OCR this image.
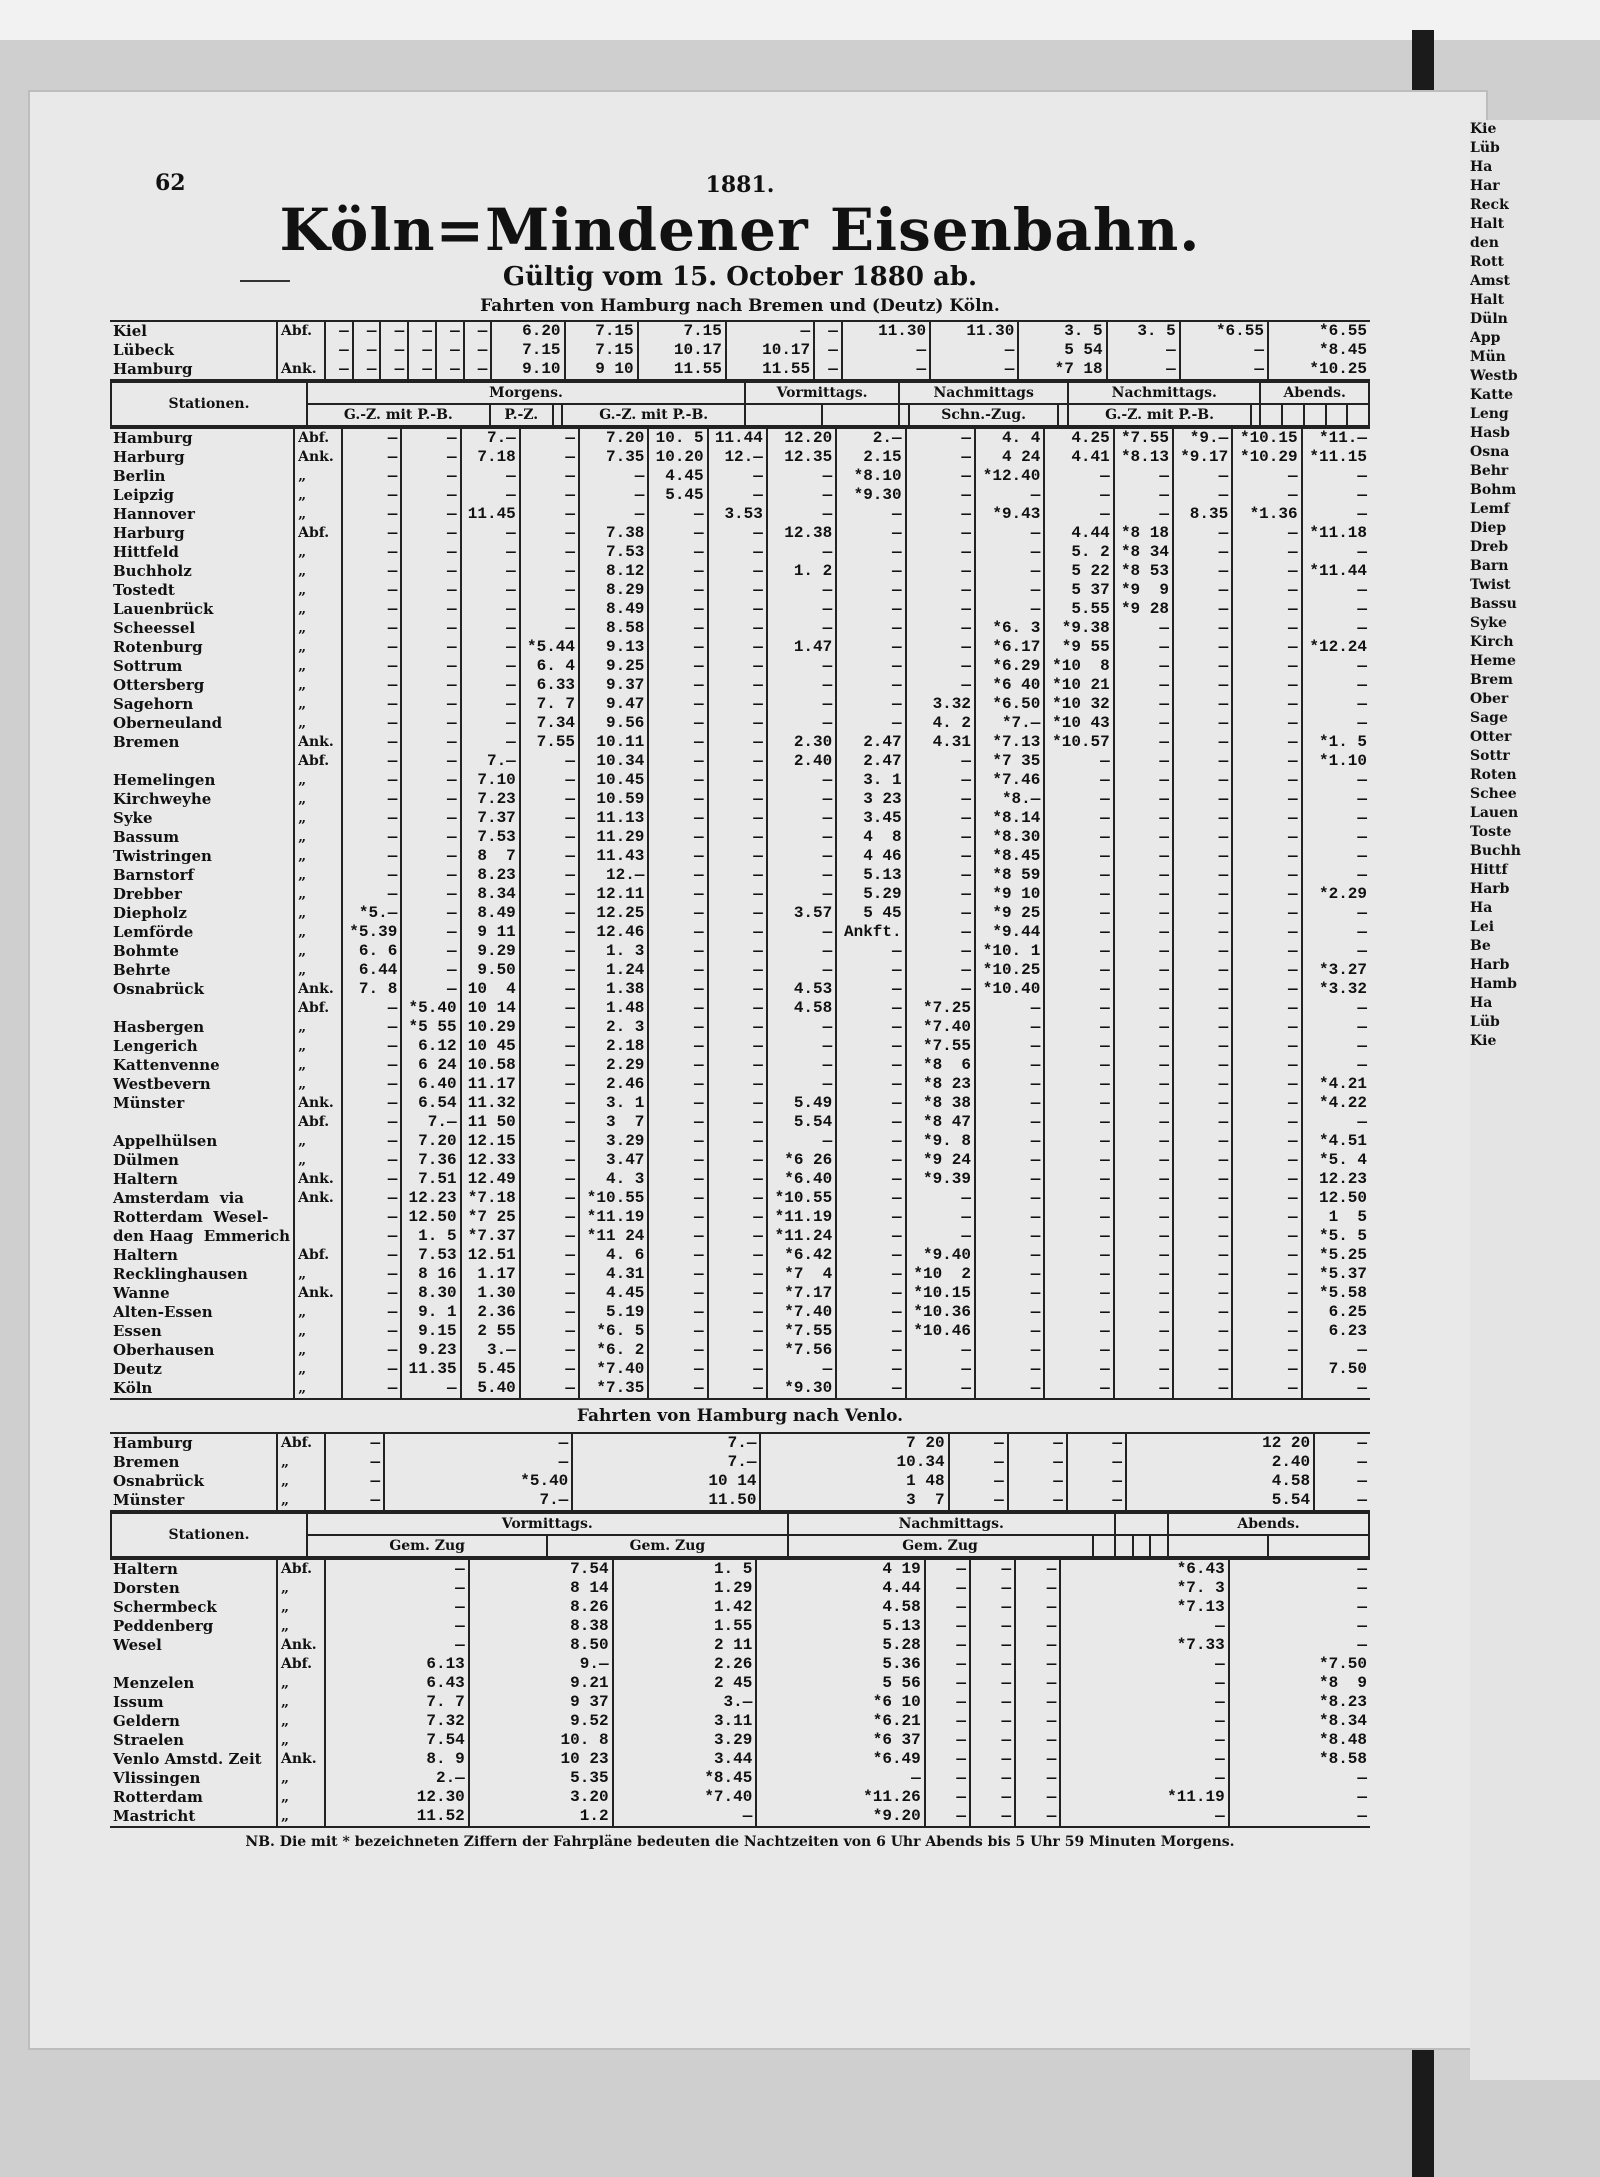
Kie
Lüb
Ha
Har
Reck
Halt
den
Rott
Amst
Halt
Düln
App
Mün
Westb
Katte
Leng
Hasb
Osna
Behr
Bohm
Lemf
Diep
Dreb
Barn
Twist
Bassu
Syke
Kirch
Heme
Brem
Ober
Sage
Otter
Sottr
Roten
Schee
Lauen
Toste
Buchh
Hittf
Harb
Ha
Lei
Be
Harb
Hamb
Ha
Lüb
Kie
62	1881.
Köln=Mindener Eisenbahn.
Gültig vom 15. October 1880 ab.
Fahrten von Hamburg nach Bremen und (Deutz) Köln.
Kiel	Abf.	—	—	—	—	—	—	6.20	7.15	7.15	—	—	11.30	11.30	3. 5	3. 5	*6.55	*6.55
Lübeck		—	—	—	—	—	—	7.15	7.15	10.17	10.17	—	—	—	5 54	—	—	*8.45
Hamburg	Ank.	—	—	—	—	—	—	9.10	9 10	11.55	11.55	—	—	—	*7 18	—	—	*10.25
Stationen.	Morgens.				Vormittags.		Nachmittags			Nachmittags.		Abends.				
	G.-Z. mit P.-B.	P.-Z.		G.-Z. mit P.-B.				Schn.-Zug.		G.-Z. mit P.-B.						
Hamburg	Abf.	—	—	7.—	—	7.20	10. 5	11.44	12.20	2.—	—	4. 4	4.25	*7.55	*9.—	*10.15	*11.—
Harburg	Ank.	—	—	7.18	—	7.35	10.20	12.—	12.35	2.15	—	4 24	4.41	*8.13	*9.17	*10.29	*11.15
Berlin	„	—	—	—	—	—	4.45	—	—	*8.10	—	*12.40	—	—	—	—	—
Leipzig	„	—	—	—	—	—	5.45	—	—	*9.30	—	—	—	—	—	—	—
Hannover	„	—	—	11.45	—	—	—	3.53	—	—	—	*9.43	—	—	8.35	*1.36	—
Harburg	Abf.	—	—	—	—	7.38	—	—	12.38	—	—	—	4.44	*8 18	—	—	*11.18
Hittfeld	„	—	—	—	—	7.53	—	—	—	—	—	—	5. 2	*8 34	—	—	—
Buchholz	„	—	—	—	—	8.12	—	—	1. 2	—	—	—	5 22	*8 53	—	—	*11.44
Tostedt	„	—	—	—	—	8.29	—	—	—	—	—	—	5 37	*9  9	—	—	—
Lauenbrück	„	—	—	—	—	8.49	—	—	—	—	—	—	5.55	*9 28	—	—	—
Scheessel	„	—	—	—	—	8.58	—	—	—	—	—	*6. 3	*9.38	—	—	—	—
Rotenburg	„	—	—	—	*5.44	9.13	—	—	1.47	—	—	*6.17	*9 55	—	—	—	*12.24
Sottrum	„	—	—	—	6. 4	9.25	—	—	—	—	—	*6.29	*10  8	—	—	—	—
Ottersberg	„	—	—	—	6.33	9.37	—	—	—	—	—	*6 40	*10 21	—	—	—	—
Sagehorn	„	—	—	—	7. 7	9.47	—	—	—	—	3.32	*6.50	*10 32	—	—	—	—
Oberneuland	„	—	—	—	7.34	9.56	—	—	—	—	4. 2	*7.—	*10 43	—	—	—	—
Bremen	Ank.	—	—	—	7.55	10.11	—	—	2.30	2.47	4.31	*7.13	*10.57	—	—	—	*1. 5
	Abf.	—	—	7.—	—	10.34	—	—	2.40	2.47	—	*7 35	—	—	—	—	*1.10
Hemelingen	„	—	—	7.10	—	10.45	—	—	—	3. 1	—	*7.46	—	—	—	—	—
Kirchweyhe	„	—	—	7.23	—	10.59	—	—	—	3 23	—	*8.—	—	—	—	—	—
Syke	„	—	—	7.37	—	11.13	—	—	—	3.45	—	*8.14	—	—	—	—	—
Bassum	„	—	—	7.53	—	11.29	—	—	—	4  8	—	*8.30	—	—	—	—	—
Twistringen	„	—	—	8  7	—	11.43	—	—	—	4 46	—	*8.45	—	—	—	—	—
Barnstorf	„	—	—	8.23	—	12.—	—	—	—	5.13	—	*8 59	—	—	—	—	—
Drebber	„	—	—	8.34	—	12.11	—	—	—	5.29	—	*9 10	—	—	—	—	*2.29
Diepholz	„	*5.—	—	8.49	—	12.25	—	—	3.57	5 45	—	*9 25	—	—	—	—	—
Lemförde	„	*5.39	—	9 11	—	12.46	—	—	—	Ankft.	—	*9.44	—	—	—	—	—
Bohmte	„	6. 6	—	9.29	—	1. 3	—	—	—	—	—	*10. 1	—	—	—	—	—
Behrte	„	6.44	—	9.50	—	1.24	—	—	—	—	—	*10.25	—	—	—	—	*3.27
Osnabrück	Ank.	7. 8	—	10  4	—	1.38	—	—	4.53	—	—	*10.40	—	—	—	—	*3.32
	Abf.	—	*5.40	10 14	—	1.48	—	—	4.58	—	*7.25	—	—	—	—	—	—
Hasbergen	„	—	*5 55	10.29	—	2. 3	—	—	—	—	*7.40	—	—	—	—	—	—
Lengerich	„	—	6.12	10 45	—	2.18	—	—	—	—	*7.55	—	—	—	—	—	—
Kattenvenne	„	—	6 24	10.58	—	2.29	—	—	—	—	*8  6	—	—	—	—	—	—
Westbevern	„	—	6.40	11.17	—	2.46	—	—	—	—	*8 23	—	—	—	—	—	*4.21
Münster	Ank.	—	6.54	11.32	—	3. 1	—	—	5.49	—	*8 38	—	—	—	—	—	*4.22
	Abf.	—	7.—	11 50	—	3  7	—	—	5.54	—	*8 47	—	—	—	—	—	—
Appelhülsen	„	—	7.20	12.15	—	3.29	—	—	—	—	*9. 8	—	—	—	—	—	*4.51
Dülmen	„	—	7.36	12.33	—	3.47	—	—	*6 26	—	*9 24	—	—	—	—	—	*5. 4
Haltern	Ank.	—	7.51	12.49	—	4. 3	—	—	*6.40	—	*9.39	—	—	—	—	—	12.23
Amsterdam  via	Ank.	—	12.23	*7.18	—	*10.55	—	—	*10.55	—	—	—	—	—	—	—	12.50
Rotterdam  Wesel-		—	12.50	*7 25	—	*11.19	—	—	*11.19	—	—	—	—	—	—	—	1  5
den Haag  Emmerich		—	1. 5	*7.37	—	*11 24	—	—	*11.24	—	—	—	—	—	—	—	*5. 5
Haltern	Abf.	—	7.53	12.51	—	4. 6	—	—	*6.42	—	*9.40	—	—	—	—	—	*5.25
Recklinghausen	„	—	8 16	1.17	—	4.31	—	—	*7  4	—	*10  2	—	—	—	—	—	*5.37
Wanne	Ank.	—	8.30	1.30	—	4.45	—	—	*7.17	—	*10.15	—	—	—	—	—	*5.58
Alten-Essen	„	—	9. 1	2.36	—	5.19	—	—	*7.40	—	*10.36	—	—	—	—	—	6.25
Essen	„	—	9.15	2 55	—	*6. 5	—	—	*7.55	—	*10.46	—	—	—	—	—	6.23
Oberhausen	„	—	9.23	3.—	—	*6. 2	—	—	*7.56	—	—	—	—	—	—	—	—
Deutz	„	—	11.35	5.45	—	*7.40	—	—	—	—	—	—	—	—	—	—	7.50
Köln	„	—	—	5.40	—	*7.35	—	—	*9.30	—	—	—	—	—	—	—	—
Fahrten von Hamburg nach Venlo.
Hamburg	Abf.	—	—	7.—	7 20	—	—	—	12 20	—
Bremen	„	—	—	7.—	10.34	—	—	—	2.40	—
Osnabrück	„	—	*5.40	10 14	1 48	—	—	—	4.58	—
Münster	„	—	7.—	11.50	3  7	—	—	—	5.54	—
Stationen.	Vormittags.		Nachmittags.					Abends.	
	Gem. Zug	Gem. Zug	Gem. Zug						
Haltern	Abf.	—	7.54	1. 5	4 19	—	—	—	*6.43	—
Dorsten	„	—	8 14	1.29	4.44	—	—	—	*7. 3	—
Schermbeck	„	—	8.26	1.42	4.58	—	—	—	*7.13	—
Peddenberg	„	—	8.38	1.55	5.13	—	—	—	—	—
Wesel	Ank.	—	8.50	2 11	5.28	—	—	—	*7.33	—
	Abf.	6.13	9.—	2.26	5.36	—	—	—	—	*7.50
Menzelen	„	6.43	9.21	2 45	5 56	—	—	—	—	*8  9
Issum	„	7. 7	9 37	3.—	*6 10	—	—	—	—	*8.23
Geldern	„	7.32	9.52	3.11	*6.21	—	—	—	—	*8.34
Straelen	„	7.54	10. 8	3.29	*6 37	—	—	—	—	*8.48
Venlo Amstd. Zeit	Ank.	8. 9	10 23	3.44	*6.49	—	—	—	—	*8.58
Vlissingen	„	2.—	5.35	*8.45	—	—	—	—	—	—
Rotterdam	„	12.30	3.20	*7.40	*11.26	—	—	—	*11.19	—
Mastricht	„	11.52	1.2	—	*9.20	—	—	—	—	—
NB. Die mit * bezeichneten Ziffern der Fahrpläne bedeuten die Nachtzeiten von 6 Uhr Abends bis 5 Uhr 59 Minuten Morgens.
